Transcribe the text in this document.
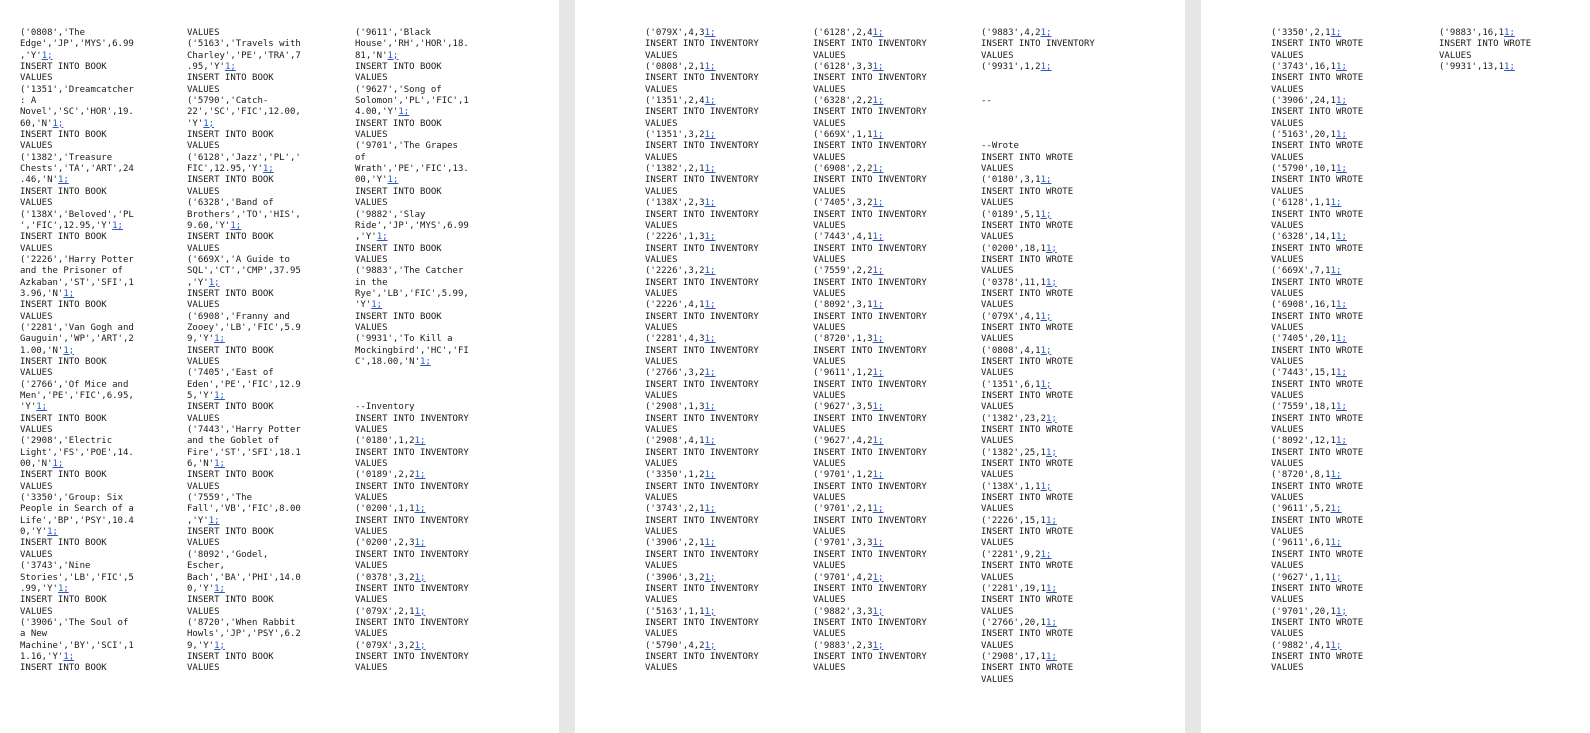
('0808','The
Edge','JP','MYS',6.99
,'Y'1;
INSERT INTO BOOK
VALUES
('1351','Dreamcatcher
: A
Novel','SC','HOR',19.
60,'N'1;
INSERT INTO BOOK
VALUES
('1382','Treasure
Chests','TA','ART',24
.46,'N'1;
INSERT INTO BOOK
VALUES
('138X','Beloved','PL
','FIC',12.95,'Y'1;
INSERT INTO BOOK
VALUES
('2226','Harry Potter
and the Prisoner of
Azkaban','ST','SFI',1
3.96,'N'1;
INSERT INTO BOOK
VALUES
('2281','Van Gogh and
Gauguin','WP','ART',2
1.00,'N'1;
INSERT INTO BOOK
VALUES
('2766','Of Mice and
Men','PE','FIC',6.95,
'Y'1;
INSERT INTO BOOK
VALUES
('2908','Electric
Light','FS','POE',14.
00,'N'1;
INSERT INTO BOOK
VALUES
('3350','Group: Six
People in Search of a
Life','BP','PSY',10.4
0,'Y'1;
INSERT INTO BOOK
VALUES
('3743','Nine
Stories','LB','FIC',5
.99,'Y'1;
INSERT INTO BOOK
VALUES
('3906','The Soul of
a New
Machine','BY','SCI',1
1.16,'Y'1;
INSERT INTO BOOK
VALUES
('5163','Travels with
Charley','PE','TRA',7
.95,'Y'1;
INSERT INTO BOOK
VALUES
('5790','Catch-
22','SC','FIC',12.00,
'Y'1;
INSERT INTO BOOK
VALUES
('6128','Jazz','PL','
FIC',12.95,'Y'1;
INSERT INTO BOOK
VALUES
('6328','Band of
Brothers','TO','HIS',
9.60,'Y'1;
INSERT INTO BOOK
VALUES
('669X','A Guide to
SQL','CT','CMP',37.95
,'Y'1;
INSERT INTO BOOK
VALUES
('6908','Franny and
Zooey','LB','FIC',5.9
9,'Y'1;
INSERT INTO BOOK
VALUES
('7405','East of
Eden','PE','FIC',12.9
5,'Y'1;
INSERT INTO BOOK
VALUES
('7443','Harry Potter
and the Goblet of
Fire','ST','SFI',18.1
6,'N'1;
INSERT INTO BOOK
VALUES
('7559','The
Fall','VB','FIC',8.00
,'Y'1;
INSERT INTO BOOK
VALUES
('8092','Godel,
Escher,
Bach','BA','PHI',14.0
0,'Y'1;
INSERT INTO BOOK
VALUES
('8720','When Rabbit
Howls','JP','PSY',6.2
9,'Y'1;
INSERT INTO BOOK
VALUES
('9611','Black
House','RH','HOR',18.
81,'N'1;
INSERT INTO BOOK
VALUES
('9627','Song of
Solomon','PL','FIC',1
4.00,'Y'1;
INSERT INTO BOOK
VALUES
('9701','The Grapes
of
Wrath','PE','FIC',13.
00,'Y'1;
INSERT INTO BOOK
VALUES
('9882','Slay
Ride','JP','MYS',6.99
,'Y'1;
INSERT INTO BOOK
VALUES
('9883','The Catcher
in the
Rye','LB','FIC',5.99,
'Y'1;
INSERT INTO BOOK
VALUES
('9931','To Kill a
Mockingbird','HC','FI
C',18.00,'N'1;
--Inventory
INSERT INTO INVENTORY
VALUES
('0180',1,21;
INSERT INTO INVENTORY
VALUES
('0189',2,21;
INSERT INTO INVENTORY
VALUES
('0200',1,11;
INSERT INTO INVENTORY
VALUES
('0200',2,31;
INSERT INTO INVENTORY
VALUES
('0378',3,21;
INSERT INTO INVENTORY
VALUES
('079X',2,11;
INSERT INTO INVENTORY
VALUES
('079X',3,21;
INSERT INTO INVENTORY
VALUES
('079X',4,31;
INSERT INTO INVENTORY
VALUES
('0808',2,11;
INSERT INTO INVENTORY
VALUES
('1351',2,41;
INSERT INTO INVENTORY
VALUES
('1351',3,21;
INSERT INTO INVENTORY
VALUES
('1382',2,11;
INSERT INTO INVENTORY
VALUES
('138X',2,31;
INSERT INTO INVENTORY
VALUES
('2226',1,31;
INSERT INTO INVENTORY
VALUES
('2226',3,21;
INSERT INTO INVENTORY
VALUES
('2226',4,11;
INSERT INTO INVENTORY
VALUES
('2281',4,31;
INSERT INTO INVENTORY
VALUES
('2766',3,21;
INSERT INTO INVENTORY
VALUES
('2908',1,31;
INSERT INTO INVENTORY
VALUES
('2908',4,11;
INSERT INTO INVENTORY
VALUES
('3350',1,21;
INSERT INTO INVENTORY
VALUES
('3743',2,11;
INSERT INTO INVENTORY
VALUES
('3906',2,11;
INSERT INTO INVENTORY
VALUES
('3906',3,21;
INSERT INTO INVENTORY
VALUES
('5163',1,11;
INSERT INTO INVENTORY
VALUES
('5790',4,21;
INSERT INTO INVENTORY
VALUES
('6128',2,41;
INSERT INTO INVENTORY
VALUES
('6128',3,31;
INSERT INTO INVENTORY
VALUES
('6328',2,21;
INSERT INTO INVENTORY
VALUES
('669X',1,11;
INSERT INTO INVENTORY
VALUES
('6908',2,21;
INSERT INTO INVENTORY
VALUES
('7405',3,21;
INSERT INTO INVENTORY
VALUES
('7443',4,11;
INSERT INTO INVENTORY
VALUES
('7559',2,21;
INSERT INTO INVENTORY
VALUES
('8092',3,11;
INSERT INTO INVENTORY
VALUES
('8720',1,31;
INSERT INTO INVENTORY
VALUES
('9611',1,21;
INSERT INTO INVENTORY
VALUES
('9627',3,51;
INSERT INTO INVENTORY
VALUES
('9627',4,21;
INSERT INTO INVENTORY
VALUES
('9701',1,21;
INSERT INTO INVENTORY
VALUES
('9701',2,11;
INSERT INTO INVENTORY
VALUES
('9701',3,31;
INSERT INTO INVENTORY
VALUES
('9701',4,21;
INSERT INTO INVENTORY
VALUES
('9882',3,31;
INSERT INTO INVENTORY
VALUES
('9883',2,31;
INSERT INTO INVENTORY
VALUES
('9883',4,21;
INSERT INTO INVENTORY
VALUES
('9931',1,21;
--
--Wrote
INSERT INTO WROTE
VALUES
('0180',3,11;
INSERT INTO WROTE
VALUES
('0189',5,11;
INSERT INTO WROTE
VALUES
('0200',18,11;
INSERT INTO WROTE
VALUES
('0378',11,11;
INSERT INTO WROTE
VALUES
('079X',4,11;
INSERT INTO WROTE
VALUES
('0808',4,11;
INSERT INTO WROTE
VALUES
('1351',6,11;
INSERT INTO WROTE
VALUES
('1382',23,21;
INSERT INTO WROTE
VALUES
('1382',25,11;
INSERT INTO WROTE
VALUES
('138X',1,11;
INSERT INTO WROTE
VALUES
('2226',15,11;
INSERT INTO WROTE
VALUES
('2281',9,21;
INSERT INTO WROTE
VALUES
('2281',19,11;
INSERT INTO WROTE
VALUES
('2766',20,11;
INSERT INTO WROTE
VALUES
('2908',17,11;
INSERT INTO WROTE
VALUES
('3350',2,11;
INSERT INTO WROTE
VALUES
('3743',16,11;
INSERT INTO WROTE
VALUES
('3906',24,11;
INSERT INTO WROTE
VALUES
('5163',20,11;
INSERT INTO WROTE
VALUES
('5790',10,11;
INSERT INTO WROTE
VALUES
('6128',1,11;
INSERT INTO WROTE
VALUES
('6328',14,11;
INSERT INTO WROTE
VALUES
('669X',7,11;
INSERT INTO WROTE
VALUES
('6908',16,11;
INSERT INTO WROTE
VALUES
('7405',20,11;
INSERT INTO WROTE
VALUES
('7443',15,11;
INSERT INTO WROTE
VALUES
('7559',18,11;
INSERT INTO WROTE
VALUES
('8092',12,11;
INSERT INTO WROTE
VALUES
('8720',8,11;
INSERT INTO WROTE
VALUES
('9611',5,21;
INSERT INTO WROTE
VALUES
('9611',6,11;
INSERT INTO WROTE
VALUES
('9627',1,11;
INSERT INTO WROTE
VALUES
('9701',20,11;
INSERT INTO WROTE
VALUES
('9882',4,11;
INSERT INTO WROTE
VALUES
('9883',16,11;
INSERT INTO WROTE
VALUES
('9931',13,11;
